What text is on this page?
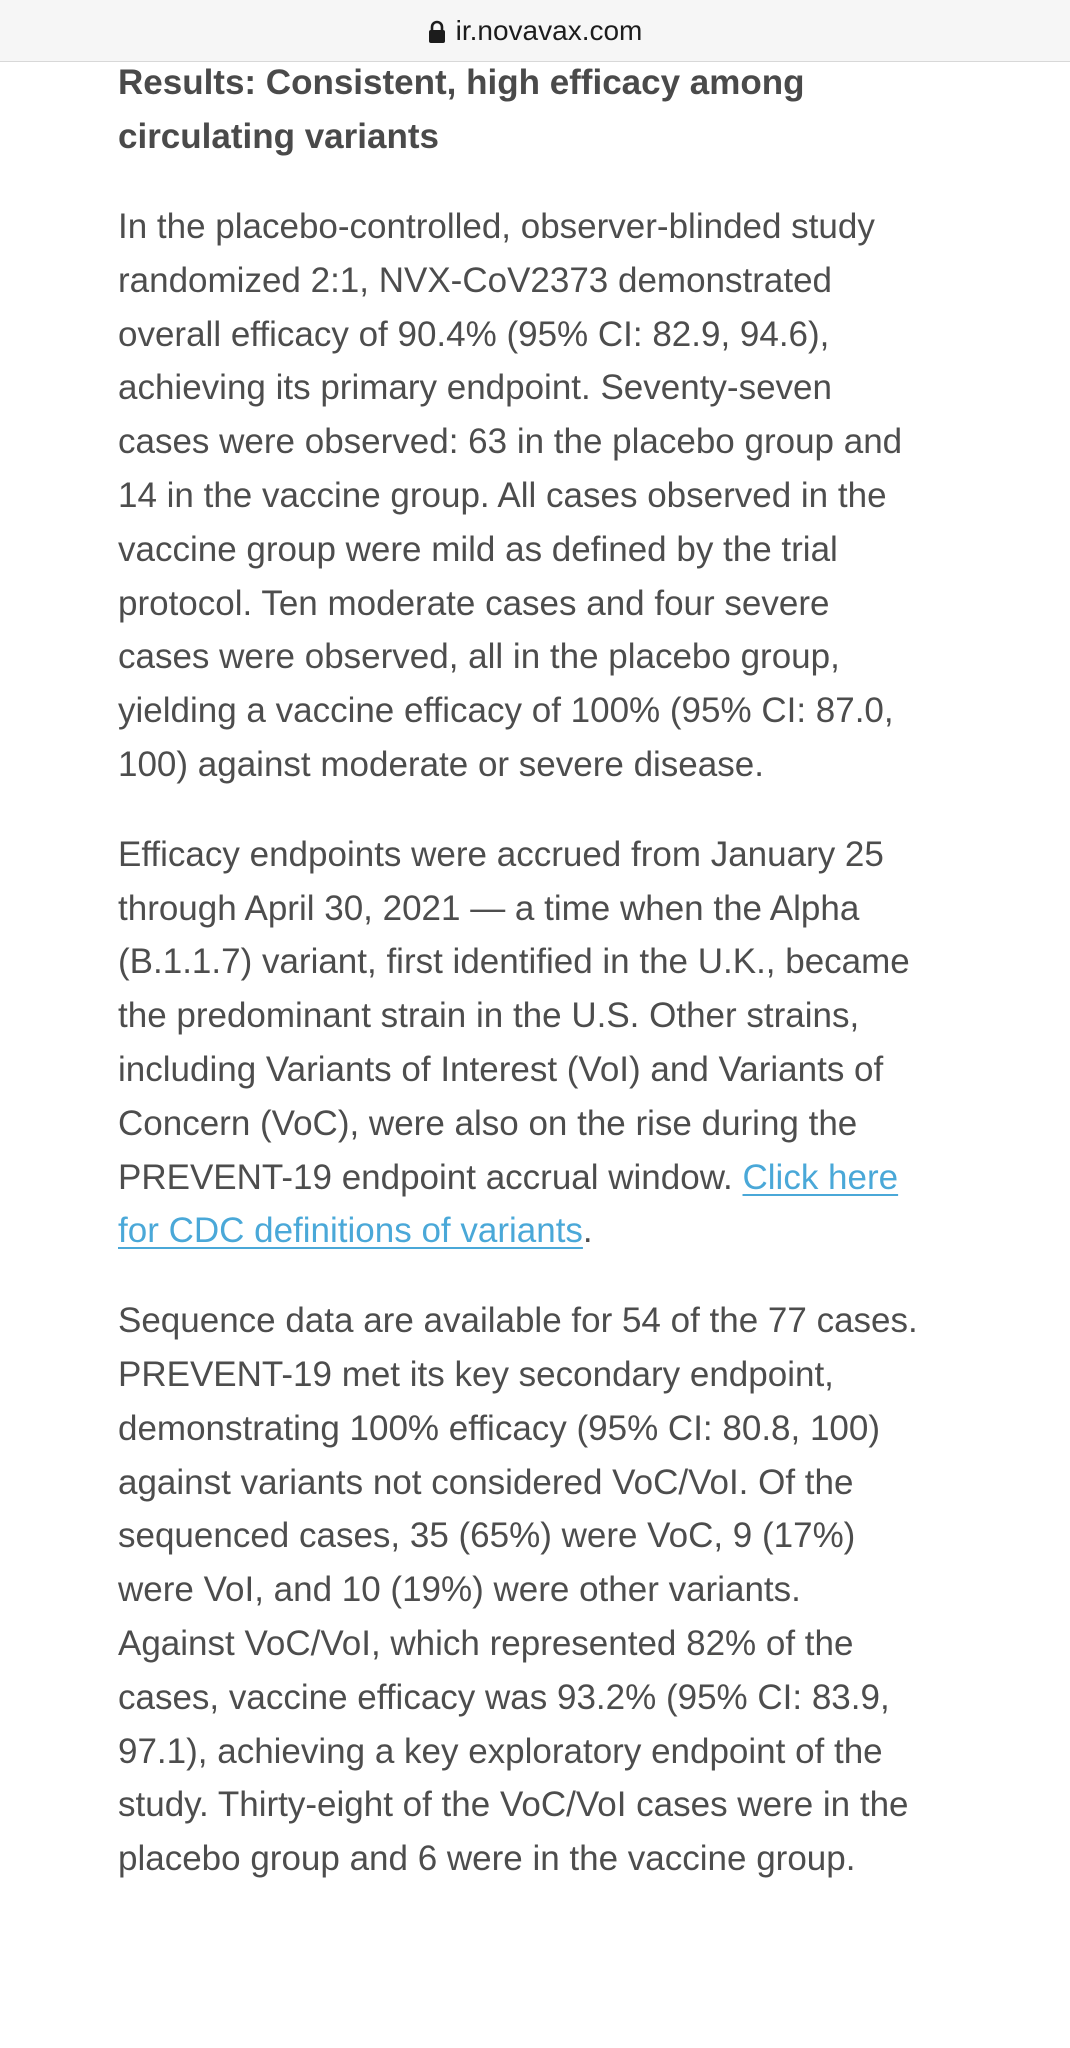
ir.novavax.com
Results: Consistent, high efficacy among circulating variants

In the placebo-controlled, observer-blinded study randomized 2:1, NVX-CoV2373 demonstrated overall efficacy of 90.4% (95% CI: 82.9, 94.6), achieving its primary endpoint. Seventy-seven cases were observed: 63 in the placebo group and 14 in the vaccine group. All cases observed in the vaccine group were mild as defined by the trial protocol. Ten moderate cases and four severe cases were observed, all in the placebo group, yielding a vaccine efficacy of 100% (95% CI: 87.0, 100) against moderate or severe disease.

Efficacy endpoints were accrued from January 25 through April 30, 2021 — a time when the Alpha (B.1.1.7) variant, first identified in the U.K., became the predominant strain in the U.S. Other strains, including Variants of Interest (VoI) and Variants of Concern (VoC), were also on the rise during the PREVENT-19 endpoint accrual window. Click here for CDC definitions of variants.

Sequence data are available for 54 of the 77 cases. PREVENT-19 met its key secondary endpoint, demonstrating 100% efficacy (95% CI: 80.8, 100) against variants not considered VoC/VoI. Of the sequenced cases, 35 (65%) were VoC, 9 (17%) were VoI, and 10 (19%) were other variants. Against VoC/VoI, which represented 82% of the cases, vaccine efficacy was 93.2% (95% CI: 83.9, 97.1), achieving a key exploratory endpoint of the study. Thirty-eight of the VoC/VoI cases were in the placebo group and 6 were in the vaccine group.
